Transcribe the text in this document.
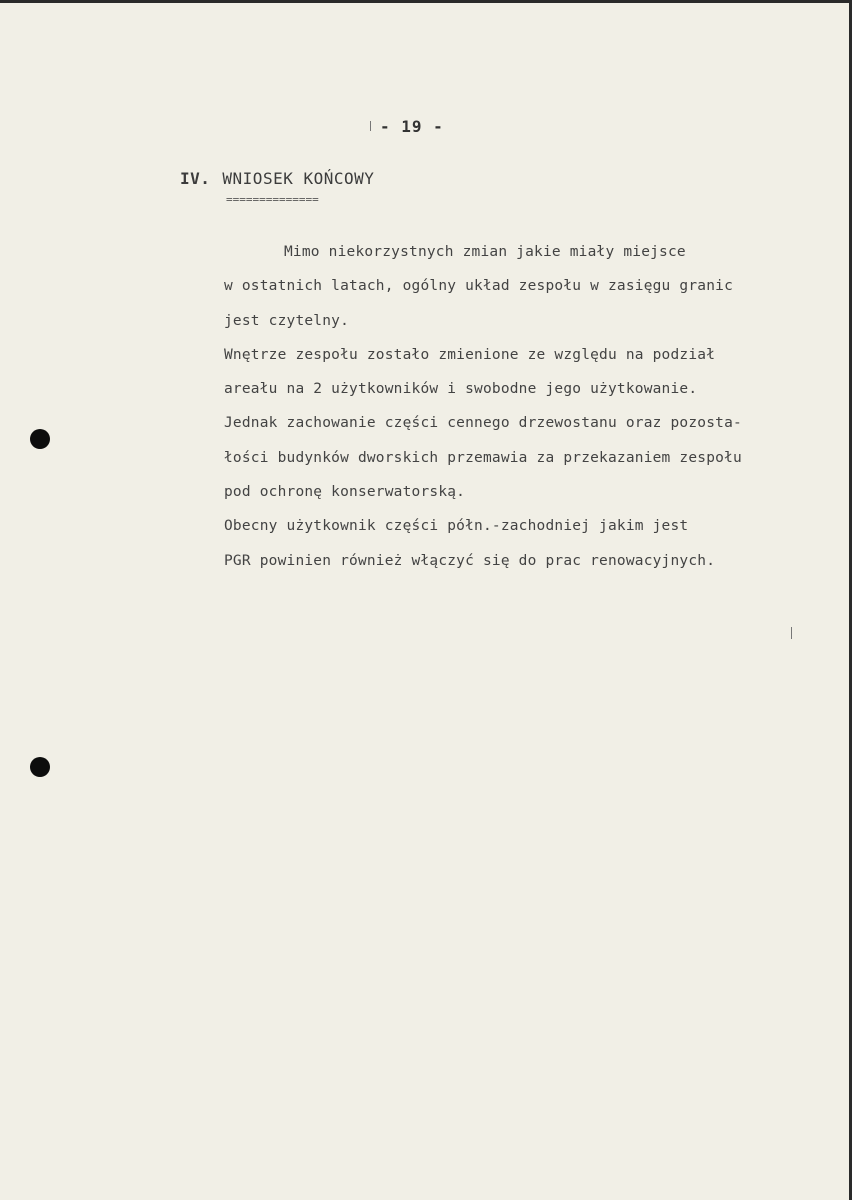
- 19 -
IV. WNIOSEK KOŃCOWY
==============

Mimo niekorzystnych zmian jakie miały miejsce
w ostatnich latach, ogólny układ zespołu w zasięgu granic
jest czytelny.

Wnętrze zespołu zostało zmienione ze względu na podział
areału na 2 użytkowników i swobodne jego użytkowanie.
Jednak zachowanie części cennego drzewostanu oraz pozosta-
łości budynków dworskich przemawia za przekazaniem zespołu
pod ochronę konserwatorską.

Obecny użytkownik części półn.-zachodniej jakim jest
PGR powinien również włączyć się do prac renowacyjnych.
